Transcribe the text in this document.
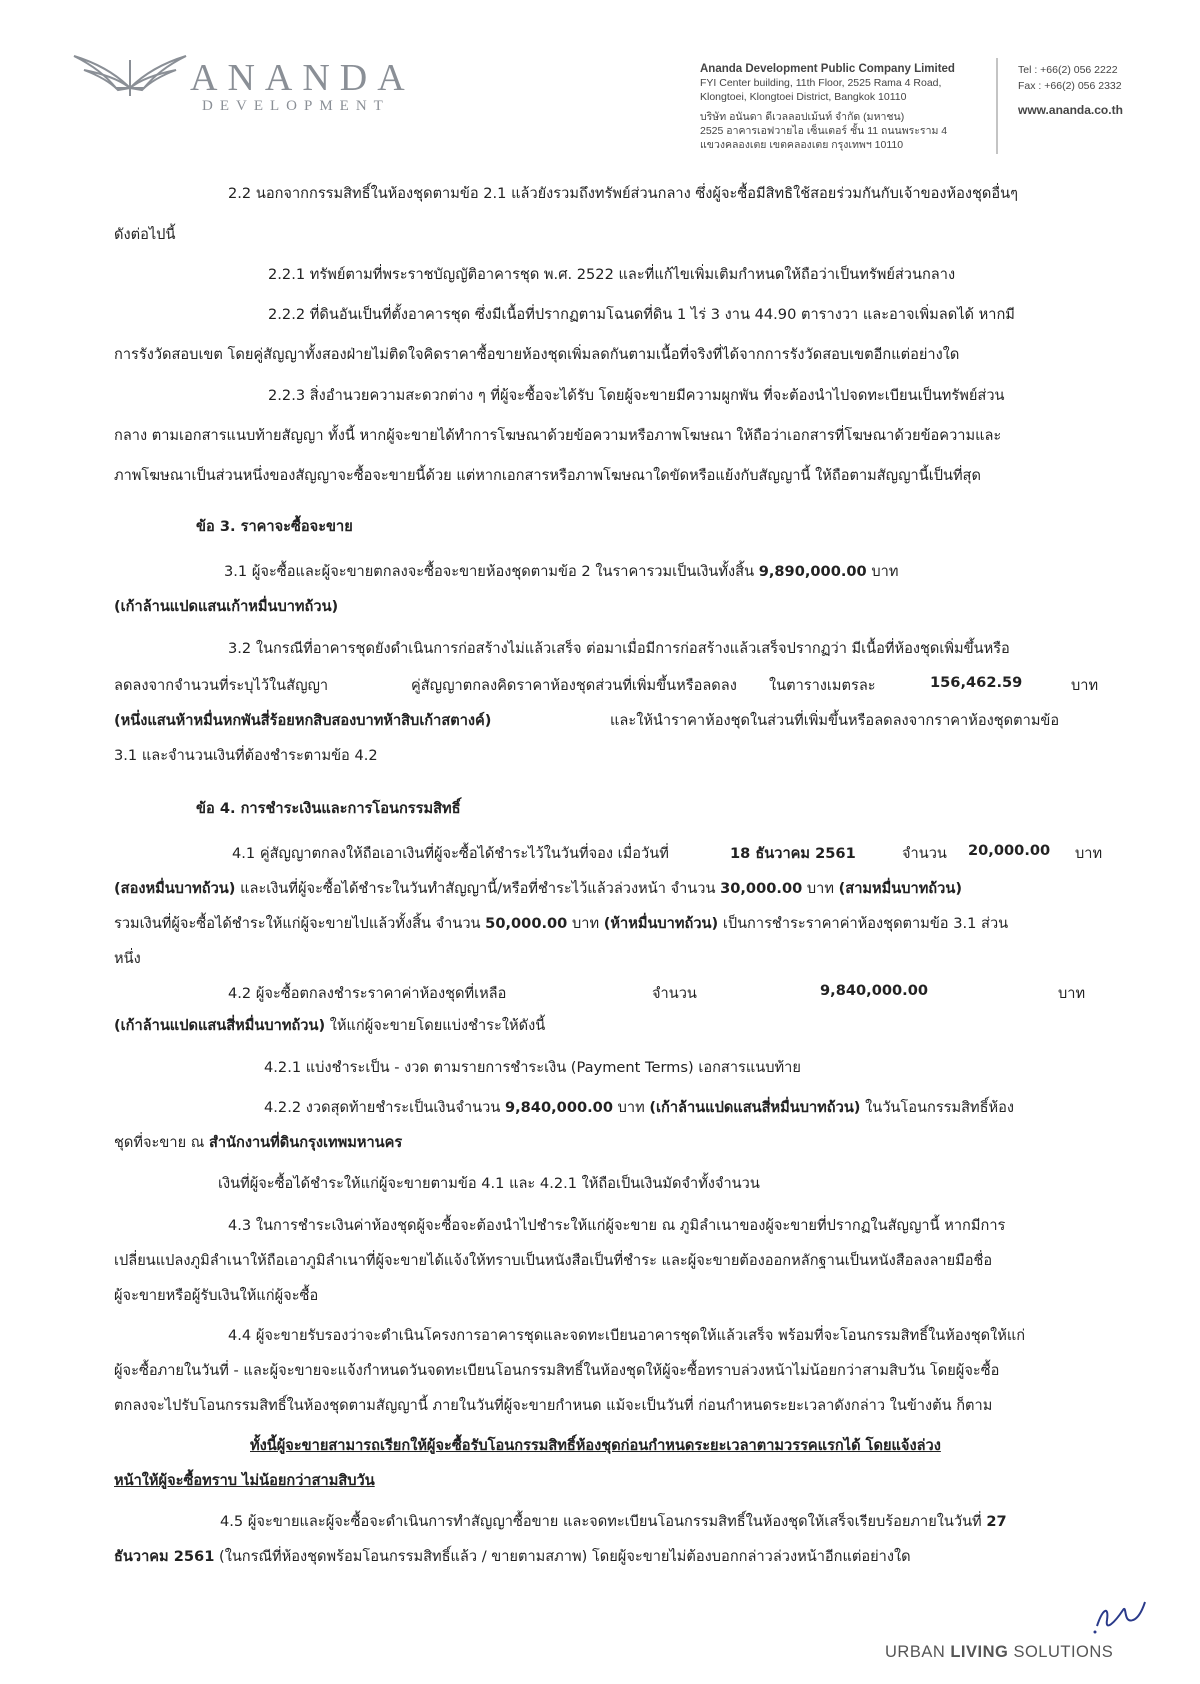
ANANDA
DEVELOPMENT
Ananda Development Public Company Limited
FYI Center building, 11th Floor, 2525 Rama 4 Road,
Klongtoei, Klongtoei District, Bangkok 10110
บริษัท อนันดา ดีเวลลอปเม้นท์ จำกัด (มหาชน)
2525 อาคารเอฟวายไอ เซ็นเตอร์ ชั้น 11 ถนนพระราม 4
แขวงคลองเตย เขตคลองเตย กรุงเทพฯ 10110
Tel : +66(2) 056 2222
Fax : +66(2) 056 2332
www.ananda.co.th
2.2 นอกจากกรรมสิทธิ์ในห้องชุดตามข้อ 2.1 แล้วยังรวมถึงทรัพย์ส่วนกลาง ซึ่งผู้จะซื้อมีสิทธิใช้สอยร่วมกันกับเจ้าของห้องชุดอื่นๆ
ดังต่อไปนี้
2.2.1 ทรัพย์ตามที่พระราชบัญญัติอาคารชุด พ.ศ. 2522 และที่แก้ไขเพิ่มเติมกำหนดให้ถือว่าเป็นทรัพย์ส่วนกลาง
2.2.2 ที่ดินอันเป็นที่ตั้งอาคารชุด ซึ่งมีเนื้อที่ปรากฏตามโฉนดที่ดิน 1 ไร่ 3 งาน 44.90 ตารางวา และอาจเพิ่มลดได้ หากมี
การรังวัดสอบเขต โดยคู่สัญญาทั้งสองฝ่ายไม่ติดใจคิดราคาซื้อขายห้องชุดเพิ่มลดกันตามเนื้อที่จริงที่ได้จากการรังวัดสอบเขตอีกแต่อย่างใด
2.2.3 สิ่งอำนวยความสะดวกต่าง ๆ ที่ผู้จะซื้อจะได้รับ โดยผู้จะขายมีความผูกพัน ที่จะต้องนำไปจดทะเบียนเป็นทรัพย์ส่วน
กลาง ตามเอกสารแนบท้ายสัญญา ทั้งนี้ หากผู้จะขายได้ทำการโฆษณาด้วยข้อความหรือภาพโฆษณา ให้ถือว่าเอกสารที่โฆษณาด้วยข้อความและ
ภาพโฆษณาเป็นส่วนหนึ่งของสัญญาจะซื้อจะขายนี้ด้วย แต่หากเอกสารหรือภาพโฆษณาใดขัดหรือแย้งกับสัญญานี้ ให้ถือตามสัญญานี้เป็นที่สุด
ข้อ 3. ราคาจะซื้อจะขาย
3.1 ผู้จะซื้อและผู้จะขายตกลงจะซื้อจะขายห้องชุดตามข้อ 2 ในราคารวมเป็นเงินทั้งสิ้น 9,890,000.00 บาท
(เก้าล้านแปดแสนเก้าหมื่นบาทถ้วน)
3.2 ในกรณีที่อาคารชุดยังดำเนินการก่อสร้างไม่แล้วเสร็จ ต่อมาเมื่อมีการก่อสร้างแล้วเสร็จปรากฏว่า มีเนื้อที่ห้องชุดเพิ่มขึ้นหรือ
ลดลงจากจำนวนที่ระบุไว้ในสัญญา	คู่สัญญาตกลงคิดราคาห้องชุดส่วนที่เพิ่มขึ้นหรือลดลง ในตารางเมตรละ	156,462.59	บาท
(หนึ่งแสนห้าหมื่นหกพันสี่ร้อยหกสิบสองบาทห้าสิบเก้าสตางค์)	และให้นำราคาห้องชุดในส่วนที่เพิ่มขึ้นหรือลดลงจากราคาห้องชุดตามข้อ
3.1 และจำนวนเงินที่ต้องชำระตามข้อ 4.2
ข้อ 4. การชำระเงินและการโอนกรรมสิทธิ์
4.1 คู่สัญญาตกลงให้ถือเอาเงินที่ผู้จะซื้อได้ชำระไว้ในวันที่จอง เมื่อวันที่	18 ธันวาคม 2561	จำนวน 20,000.00 บาท
(สองหมื่นบาทถ้วน) และเงินที่ผู้จะซื้อได้ชำระในวันทำสัญญานี้/หรือที่ชำระไว้แล้วล่วงหน้า จำนวน 30,000.00 บาท (สามหมื่นบาทถ้วน)
รวมเงินที่ผู้จะซื้อได้ชำระให้แก่ผู้จะขายไปแล้วทั้งสิ้น จำนวน 50,000.00 บาท (ห้าหมื่นบาทถ้วน) เป็นการชำระราคาค่าห้องชุดตามข้อ 3.1 ส่วน
หนึ่ง
4.2 ผู้จะซื้อตกลงชำระราคาค่าห้องชุดที่เหลือ	จำนวน	9,840,000.00	บาท
(เก้าล้านแปดแสนสี่หมื่นบาทถ้วน) ให้แก่ผู้จะขายโดยแบ่งชำระให้ดังนี้
4.2.1 แบ่งชำระเป็น - งวด ตามรายการชำระเงิน (Payment Terms) เอกสารแนบท้าย
4.2.2 งวดสุดท้ายชำระเป็นเงินจำนวน 9,840,000.00 บาท (เก้าล้านแปดแสนสี่หมื่นบาทถ้วน) ในวันโอนกรรมสิทธิ์ห้อง
ชุดที่จะขาย ณ สำนักงานที่ดินกรุงเทพมหานคร
เงินที่ผู้จะซื้อได้ชำระให้แก่ผู้จะขายตามข้อ 4.1 และ 4.2.1 ให้ถือเป็นเงินมัดจำทั้งจำนวน
4.3 ในการชำระเงินค่าห้องชุดผู้จะซื้อจะต้องนำไปชำระให้แก่ผู้จะขาย ณ ภูมิลำเนาของผู้จะขายที่ปรากฏในสัญญานี้ หากมีการ
เปลี่ยนแปลงภูมิลำเนาให้ถือเอาภูมิลำเนาที่ผู้จะขายได้แจ้งให้ทราบเป็นหนังสือเป็นที่ชำระ และผู้จะขายต้องออกหลักฐานเป็นหนังสือลงลายมือชื่อ
ผู้จะขายหรือผู้รับเงินให้แก่ผู้จะซื้อ
4.4 ผู้จะขายรับรองว่าจะดำเนินโครงการอาคารชุดและจดทะเบียนอาคารชุดให้แล้วเสร็จ พร้อมที่จะโอนกรรมสิทธิ์ในห้องชุดให้แก่
ผู้จะซื้อภายในวันที่ - และผู้จะขายจะแจ้งกำหนดวันจดทะเบียนโอนกรรมสิทธิ์ในห้องชุดให้ผู้จะซื้อทราบล่วงหน้าไม่น้อยกว่าสามสิบวัน โดยผู้จะซื้อ
ตกลงจะไปรับโอนกรรมสิทธิ์ในห้องชุดตามสัญญานี้ ภายในวันที่ผู้จะขายกำหนด แม้จะเป็นวันที่ ก่อนกำหนดระยะเวลาดังกล่าว ในข้างต้น ก็ตาม
ทั้งนี้ผู้จะขายสามารถเรียกให้ผู้จะซื้อรับโอนกรรมสิทธิ์ห้องชุดก่อนกำหนดระยะเวลาตามวรรคแรกได้ โดยแจ้งล่วง
หน้าให้ผู้จะซื้อทราบ ไม่น้อยกว่าสามสิบวัน
4.5 ผู้จะขายและผู้จะซื้อจะดำเนินการทำสัญญาซื้อขาย และจดทะเบียนโอนกรรมสิทธิ์ในห้องชุดให้เสร็จเรียบร้อยภายในวันที่ 27
ธันวาคม 2561 (ในกรณีที่ห้องชุดพร้อมโอนกรรมสิทธิ์แล้ว / ขายตามสภาพ) โดยผู้จะขายไม่ต้องบอกกล่าวล่วงหน้าอีกแต่อย่างใด
URBAN LIVING SOLUTIONS
